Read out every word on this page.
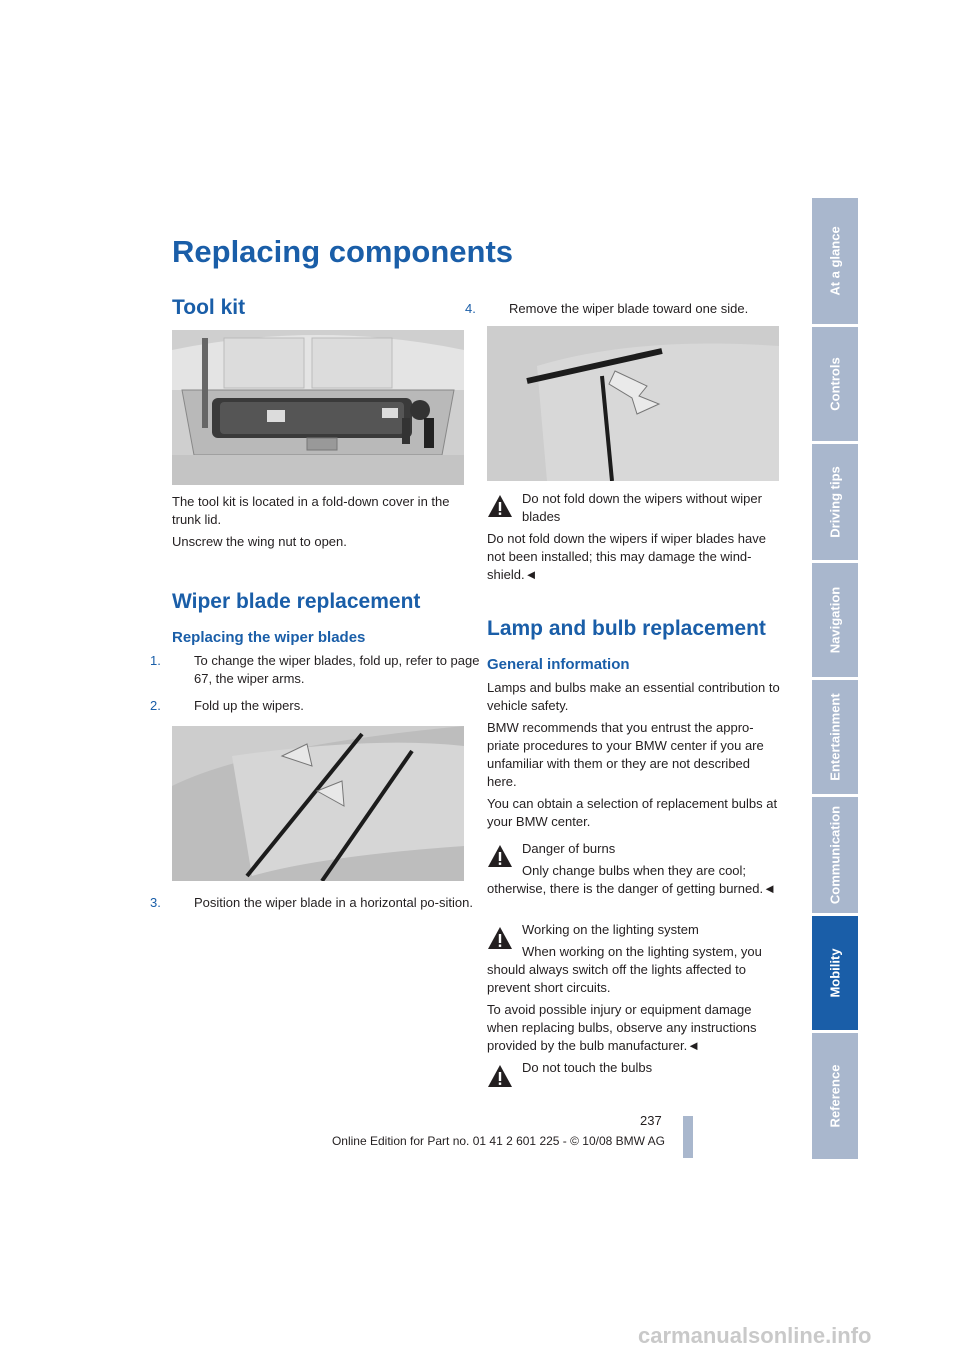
Replacing components
Tool kit

The tool kit is located in a fold-down cover in the trunk lid.

Unscrew the wing nut to open.

Wiper blade replacement
Replacing the wiper blades

1.	To change the wiper blades, fold up, refer to page 67, the wiper arms.

2.	Fold up the wipers.

3.	Position the wiper blade in a horizontal po-sition.

4.	Remove the wiper blade toward one side.

Do not fold down the wipers without wiper blades

Do not fold down the wipers if wiper blades have not been installed; this may damage the wind-shield.◄

Lamp and bulb replacement
General information

Lamps and bulbs make an essential contribution to vehicle safety.

BMW recommends that you entrust the appro-priate procedures to your BMW center if you are unfamiliar with them or they are not described here.

You can obtain a selection of replacement bulbs at your BMW center.

Danger of burns

Only change bulbs when they are cool; otherwise, there is the danger of getting burned.◄

Working on the lighting system

When working on the lighting system, you should always switch off the lights affected to prevent short circuits.

To avoid possible injury or equipment damage when replacing bulbs, observe any instructions provided by the bulb manufacturer.◄

Do not touch the bulbs

237
Online Edition for Part no. 01 41 2 601 225 - © 10/08 BMW AG
At a glance
Controls
Driving tips
Navigation
Entertainment
Communication
Mobility
Reference
carmanualsonline.info
